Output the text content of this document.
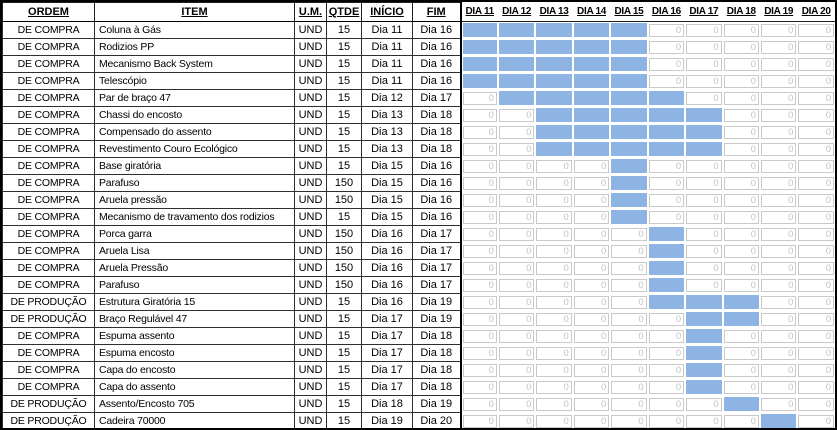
ORDEM	ITEM	U.M.	QTDE	INÍCIO	FIM	DIA 11	DIA 12	DIA 13	DIA 14	DIA 15	DIA 16	DIA 17	DIA 18	DIA 19	DIA 20
DE COMPRA	Coluna à Gás	UND	15	Dia 11	Dia 16						0	0	0	0	0

DE COMPRA	Rodizios PP	UND	15	Dia 11	Dia 16						0	0	0	0	0

DE COMPRA	Mecanismo Back System	UND	15	Dia 11	Dia 16						0	0	0	0	0

DE COMPRA	Telescópio	UND	15	Dia 11	Dia 16						0	0	0	0	0

DE COMPRA	Par de braço 47	UND	15	Dia 12	Dia 17	0						0	0	0	0

DE COMPRA	Chassi do encosto	UND	15	Dia 13	Dia 18	0	0						0	0	0

DE COMPRA	Compensado do assento	UND	15	Dia 13	Dia 18	0	0						0	0	0

DE COMPRA	Revestimento Couro Ecológico	UND	15	Dia 13	Dia 18	0	0						0	0	0

DE COMPRA	Base giratória	UND	15	Dia 15	Dia 16	0	0	0	0		0	0	0	0	0

DE COMPRA	Parafuso	UND	150	Dia 15	Dia 16	0	0	0	0		0	0	0	0	0

DE COMPRA	Aruela pressão	UND	150	Dia 15	Dia 16	0	0	0	0		0	0	0	0	0

DE COMPRA	Mecanismo de travamento dos rodizios	UND	15	Dia 15	Dia 16	0	0	0	0		0	0	0	0	0

DE COMPRA	Porca garra	UND	150	Dia 16	Dia 17	0	0	0	0	0		0	0	0	0

DE COMPRA	Aruela Lisa	UND	150	Dia 16	Dia 17	0	0	0	0	0		0	0	0	0

DE COMPRA	Aruela Pressão	UND	150	Dia 16	Dia 17	0	0	0	0	0		0	0	0	0

DE COMPRA	Parafuso	UND	150	Dia 16	Dia 17	0	0	0	0	0		0	0	0	0

DE PRODUÇÃO	Estrutura Giratória 15	UND	15	Dia 16	Dia 19	0	0	0	0	0				0	0

DE PRODUÇÃO	Braço Regulável 47	UND	15	Dia 17	Dia 19	0	0	0	0	0	0			0	0

DE COMPRA	Espuma assento	UND	15	Dia 17	Dia 18	0	0	0	0	0	0		0	0	0

DE COMPRA	Espuma encosto	UND	15	Dia 17	Dia 18	0	0	0	0	0	0		0	0	0

DE COMPRA	Capa do encosto	UND	15	Dia 17	Dia 18	0	0	0	0	0	0		0	0	0

DE COMPRA	Capa do assento	UND	15	Dia 17	Dia 18	0	0	0	0	0	0		0	0	0

DE PRODUÇÃO	Assento/Encosto 705	UND	15	Dia 18	Dia 19	0	0	0	0	0	0	0		0	0

DE PRODUÇÃO	Cadeira 70000	UND	15	Dia 19	Dia 20	0	0	0	0	0	0	0	0		0
